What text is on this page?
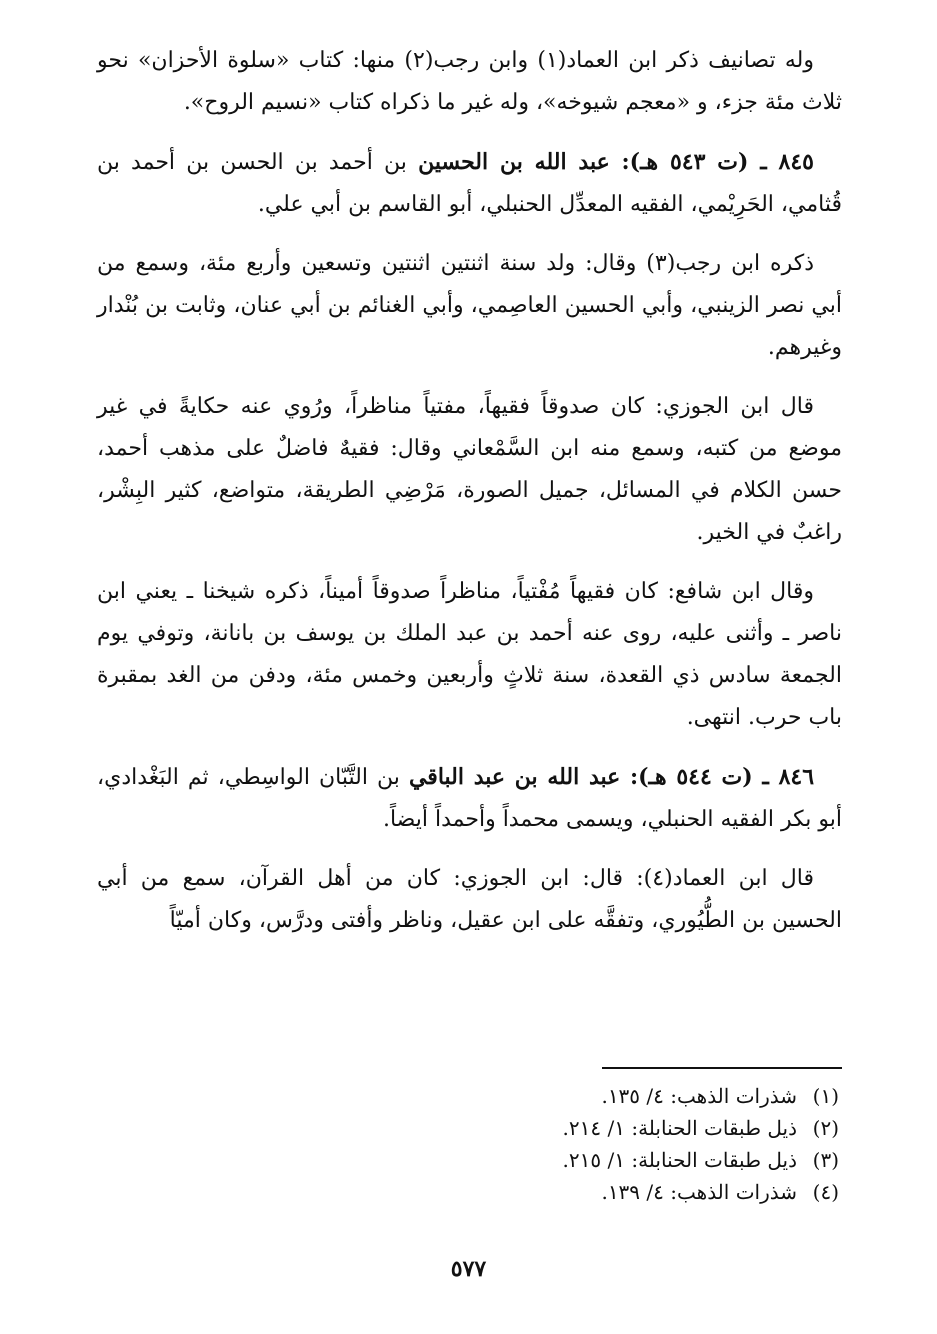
وله تصانيف ذكر ابن العماد(١) وابن رجب(٢) منها: كتاب «سلوة الأحزان» نحو ثلاث مئة جزء، و «معجم شيوخه»، وله غير ما ذكراه كتاب «نسيم الروح».

٨٤٥ ـ (ت ٥٤٣ هـ): عبد الله بن الحسين بن أحمد بن الحسن بن أحمد بن قُثامي، الحَرِيْمي، الفقيه المعدِّل الحنبلي، أبو القاسم بن أبي علي.

ذكره ابن رجب(٣) وقال: ولد سنة اثنتين اثنتين وتسعين وأربع مئة، وسمع من أبي نصر الزينبي، وأبي الحسين العاصِمي، وأبي الغنائم بن أبي عنان، وثابت بن بُنْدار وغيرهم.

قال ابن الجوزي: كان صدوقاً فقيهاً، مفتياً مناظراً، ورُوي عنه حكايةً في غير موضع من كتبه، وسمع منه ابن السَّمْعاني وقال: فقيهٌ فاضلٌ على مذهب أحمد، حسن الكلام في المسائل، جميل الصورة، مَرْضِي الطريقة، متواضع، كثير البِشْر، راغبٌ في الخير.

وقال ابن شافع: كان فقيهاً مُفْتياً، مناظراً صدوقاً أميناً، ذكره شيخنا ـ يعني ابن ناصر ـ وأثنى عليه، روى عنه أحمد بن عبد الملك بن يوسف بن بانانة، وتوفي يوم الجمعة سادس ذي القعدة، سنة ثلاثٍ وأربعين وخمس مئة، ودفن من الغد بمقبرة باب حرب. انتهى.

٨٤٦ ـ (ت ٥٤٤ هـ): عبد الله بن عبد الباقي بن التَّبّان الواسِطي، ثم البَغْدادي، أبو بكر الفقيه الحنبلي، ويسمى محمداً وأحمداً أيضاً.

قال ابن العماد(٤): قال: ابن الجوزي: كان من أهل القرآن، سمع من أبي الحسين بن الطُّيُوري، وتفقَّه على ابن عقيل، وناظر وأفتى ودرَّس، وكان أميّاً

(١)
شذرات الذهب: ٤/ ١٣٥.
(٢)
ذيل طبقات الحنابلة: ١/ ٢١٤.
(٣)
ذيل طبقات الحنابلة: ١/ ٢١٥.
(٤)
شذرات الذهب: ٤/ ١٣٩.
٥٧٧
